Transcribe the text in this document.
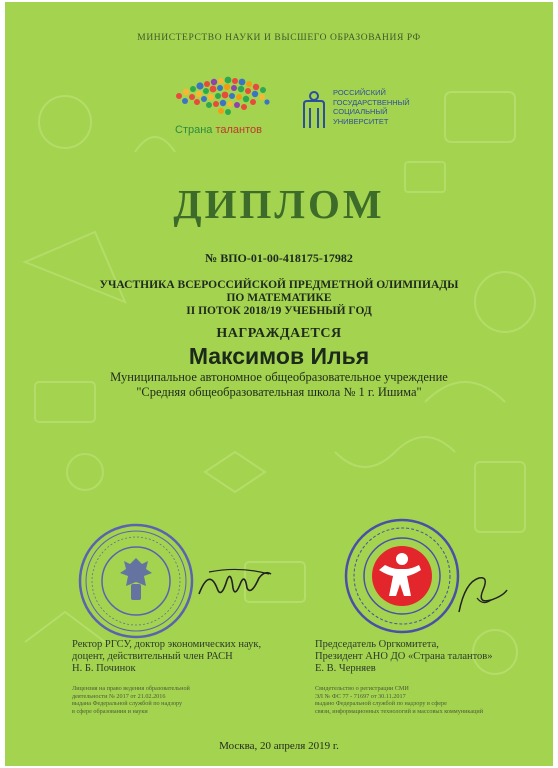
МИНИСТЕРСТВО НАУКИ И ВЫСШЕГО ОБРАЗОВАНИЯ РФ
Страна талантов
РОССИЙСКИЙ
ГОСУДАРСТВЕННЫЙ
СОЦИАЛЬНЫЙ
УНИВЕРСИТЕТ
ДИПЛОМ
№ ВПО-01-00-418175-17982
УЧАСТНИКА ВСЕРОССИЙСКОЙ ПРЕДМЕТНОЙ ОЛИМПИАДЫ
ПО МАТЕМАТИКЕ
II ПОТОК 2018/19 УЧЕБНЫЙ ГОД
НАГРАЖДАЕТСЯ
Максимов Илья
Муниципальное автономное общеобразовательное учреждение
"Средняя общеобразовательная школа № 1 г. Ишима"
Ректор РГСУ, доктор экономических наук,
доцент, действительный член РАСН
Н. Б. Починок
Председатель Оргкомитета,
Президент АНО ДО «Страна талантов»
Е. В. Черняев
Лицензия на право ведения образовательной
деятельности № 2017 от 21.02.2016
выдана Федеральной службой по надзору
в сфере образования и науки
Свидетельство о регистрации СМИ
ЭЛ № ФС 77 - 71697 от 30.11.2017
выдано Федеральной службой по надзору в сфере
связи, информационных технологий и массовых коммуникаций
Москва, 20 апреля 2019 г.
